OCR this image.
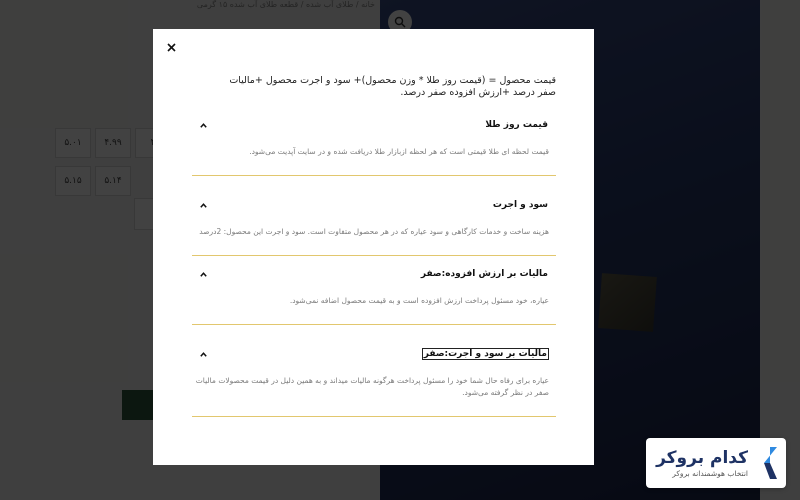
قیمت محصول = (قیمت روز طلا * وزن محصول)+ سود و اجرت محصول +مالیات صفر درصد +ارزش افزوده صفر درصد.
قیمت روز طلا
قیمت لحظه ای طلا قیمتی است که هر لحظه ازبازار طلا دریافت شده و در سایت آپدیت می‌شود.
سود و اجرت
هزینه ساخت و خدمات کارگاهی و سود عیاره که در هر محصول متفاوت است. سود و اجرت این محصول: 2درصد
مالیات بر ارزش افزوده:صفر
عیاره، خود مسئول پرداخت ارزش افزوده است و به قیمت محصول اضافه نمی‌شود.
مالیات بر سود و اجرت:صفر
عیاره برای رفاه حال شما خود را مسئول پرداخت هرگونه مالیات میداند و به همین دلیل در قیمت محصولات مالیات صفر در نظر گرفته می‌شود.
کدام بروکر
انتخاب هوشمندانه بروکر
